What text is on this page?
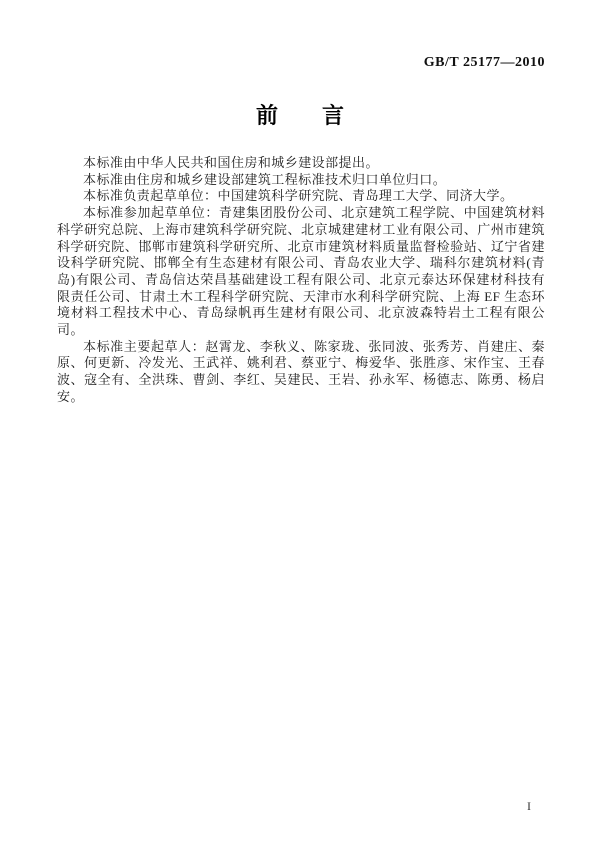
GB/T 25177—2010
前　　言

本标准由中华人民共和国住房和城乡建设部提出。

本标准由住房和城乡建设部建筑工程标准技术归口单位归口。

本标准负责起草单位：中国建筑科学研究院、青岛理工大学、同济大学。

本标准参加起草单位：青建集团股份公司、北京建筑工程学院、中国建筑材料科学研究总院、上海市建筑科学研究院、北京城建建材工业有限公司、广州市建筑科学研究院、邯郸市建筑科学研究所、北京市建筑材料质量监督检验站、辽宁省建设科学研究院、邯郸全有生态建材有限公司、青岛农业大学、瑞科尔建筑材料(青岛)有限公司、青岛信达荣昌基础建设工程有限公司、北京元泰达环保建材科技有限责任公司、甘肃土木工程科学研究院、天津市水利科学研究院、上海 EF 生态环境材料工程技术中心、青岛绿帆再生建材有限公司、北京波森特岩土工程有限公司。

本标准主要起草人：赵霄龙、李秋义、陈家珑、张同波、张秀芳、肖建庄、秦原、何更新、冷发光、王武祥、姚利君、蔡亚宁、梅爱华、张胜彦、宋作宝、王春波、寇全有、全洪珠、曹剑、李红、吴建民、王岩、孙永军、杨德志、陈勇、杨启安。

I
